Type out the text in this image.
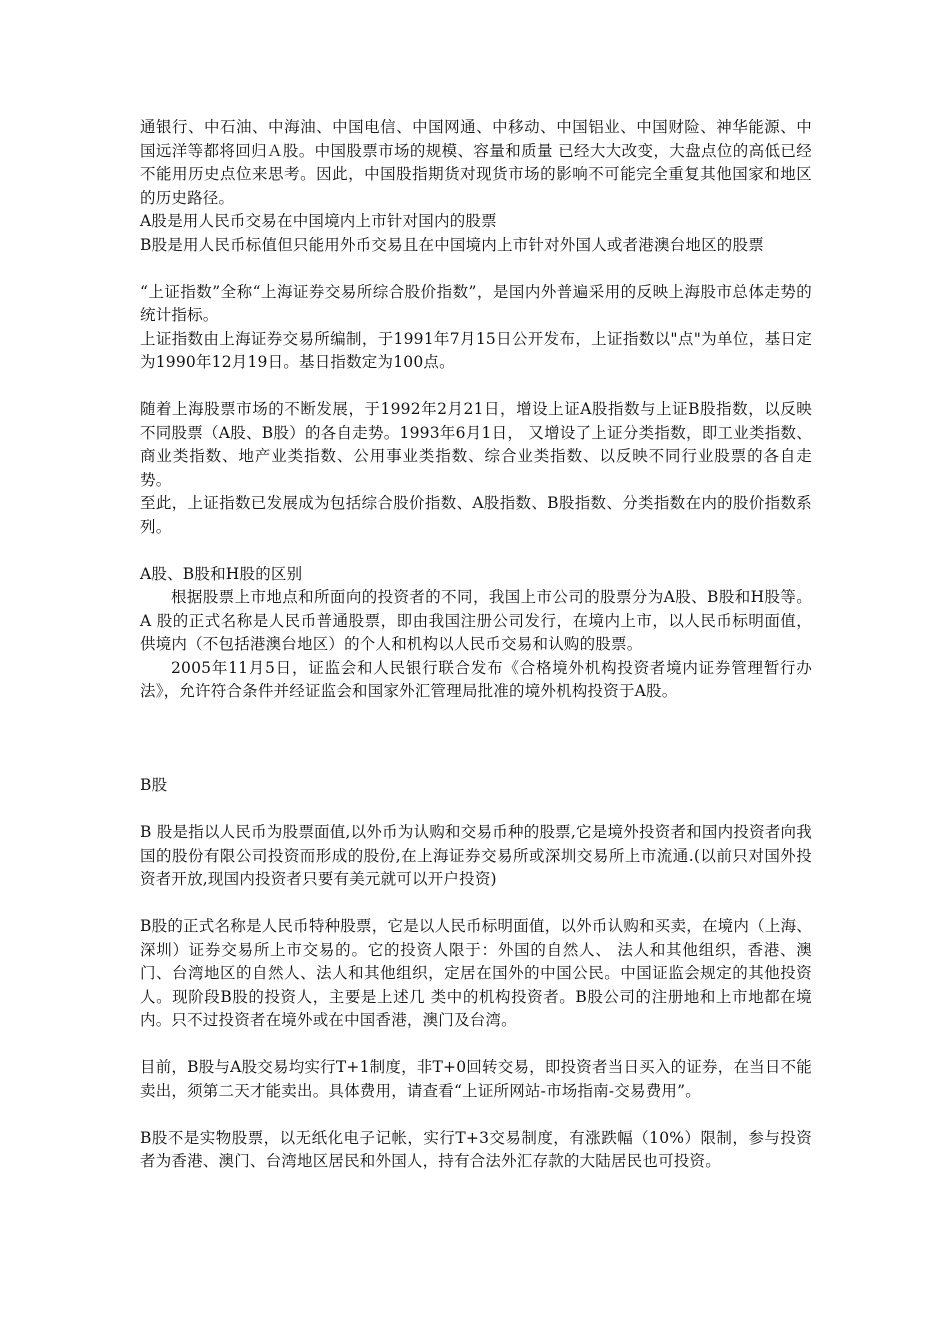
通银行、中石油、中海油、中国电信、中国网通、中移动、中国铝业、中国财险、神华能源、中国远洋等都将回归Ａ股。中国股票市场的规模、容量和质量 已经大大改变，大盘点位的高低已经不能用历史点位来思考。因此，中国股指期货对现货市场的影响不可能完全重复其他国家和地区的历史路径。

A股是用人民币交易在中国境内上市针对国内的股票

B股是用人民币标值但只能用外币交易且在中国境内上市针对外国人或者港澳台地区的股票

“上证指数”全称“上海证券交易所综合股价指数”，是国内外普遍采用的反映上海股市总体走势的统计指标。

上证指数由上海证券交易所编制，于1991年7月15日公开发布，上证指数以"点"为单位，基日定为1990年12月19日。基日指数定为100点。

随着上海股票市场的不断发展，于1992年2月21日，增设上证A股指数与上证B股指数，以反映不同股票（A股、B股）的各自走势。1993年6月1日， 又增设了上证分类指数，即工业类指数、商业类指数、地产业类指数、公用事业类指数、综合业类指数、以反映不同行业股票的各自走势。

至此，上证指数已发展成为包括综合股价指数、A股指数、B股指数、分类指数在内的股价指数系列。

A股、B股和H股的区别

根据股票上市地点和所面向的投资者的不同，我国上市公司的股票分为A股、B股和H股等。A 股的正式名称是人民币普通股票，即由我国注册公司发行，在境内上市，以人民币标明面值，供境内（不包括港澳台地区）的个人和机构以人民币交易和认购的股票。

2005年11月5日，证监会和人民银行联合发布《合格境外机构投资者境内证券管理暂行办法》，允许符合条件并经证监会和国家外汇管理局批准的境外机构投资于A股。

B股

B 股是指以人民币为股票面值,以外币为认购和交易币种的股票,它是境外投资者和国内投资者向我国的股份有限公司投资而形成的股份,在上海证券交易所或深圳交易所上市流通.(以前只对国外投资者开放,现国内投资者只要有美元就可以开户投资)

B股的正式名称是人民币特种股票，它是以人民币标明面值，以外币认购和买卖，在境内（上海、深圳）证券交易所上市交易的。它的投资人限于：外国的自然人、 法人和其他组织，香港、澳门、台湾地区的自然人、法人和其他组织，定居在国外的中国公民。中国证监会规定的其他投资人。现阶段B股的投资人，主要是上述几 类中的机构投资者。B股公司的注册地和上市地都在境内。只不过投资者在境外或在中国香港，澳门及台湾。

目前，B股与A股交易均实行T+1制度，非T+0回转交易，即投资者当日买入的证券，在当日不能卖出，须第二天才能卖出。具体费用，请查看“上证所网站-市场指南-交易费用”。

B股不是实物股票，以无纸化电子记帐，实行T+3交易制度，有涨跌幅（10%）限制，参与投资者为香港、澳门、台湾地区居民和外国人，持有合法外汇存款的大陆居民也可投资。
